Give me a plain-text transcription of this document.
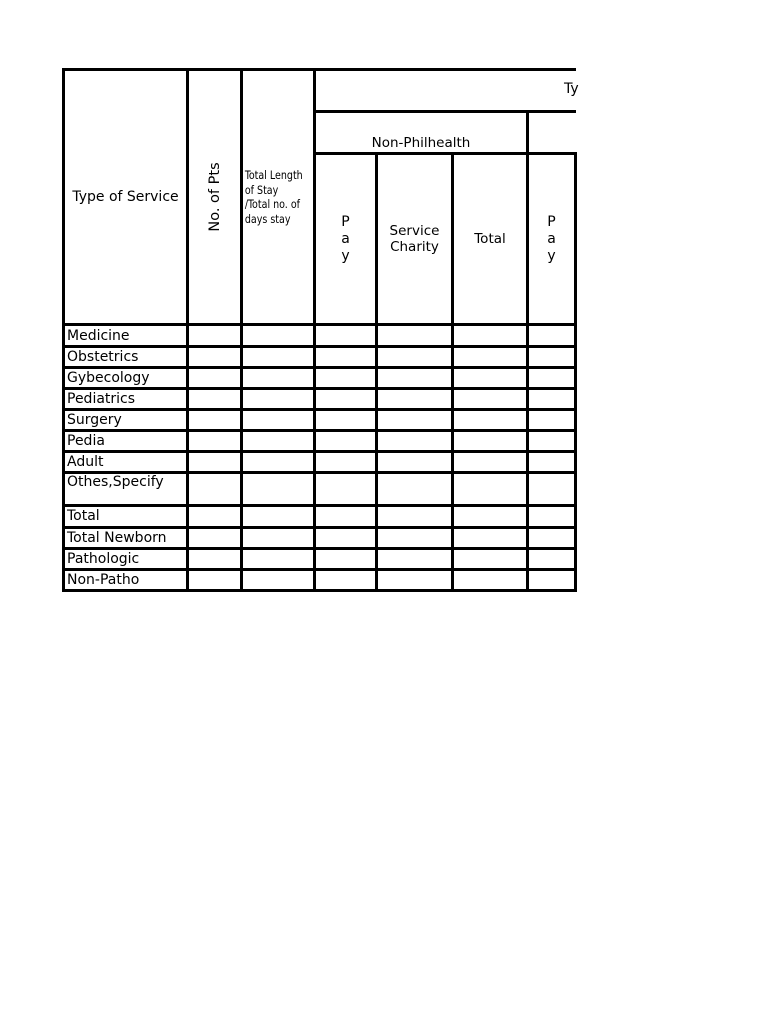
Type of Service	No. of Pts	Total Length
of Stay
/Total no. of
days stay	Ty			

			Non-Philhealth			

			P
a
y	Service
Charity	Total	P
a
y

Medicine						
Obstetrics						
Gybecology						
Pediatrics						
Surgery						
Pedia						
Adult						
Othes,Specify						
Total						
Total Newborn						
Pathologic						
Non-Patho						
